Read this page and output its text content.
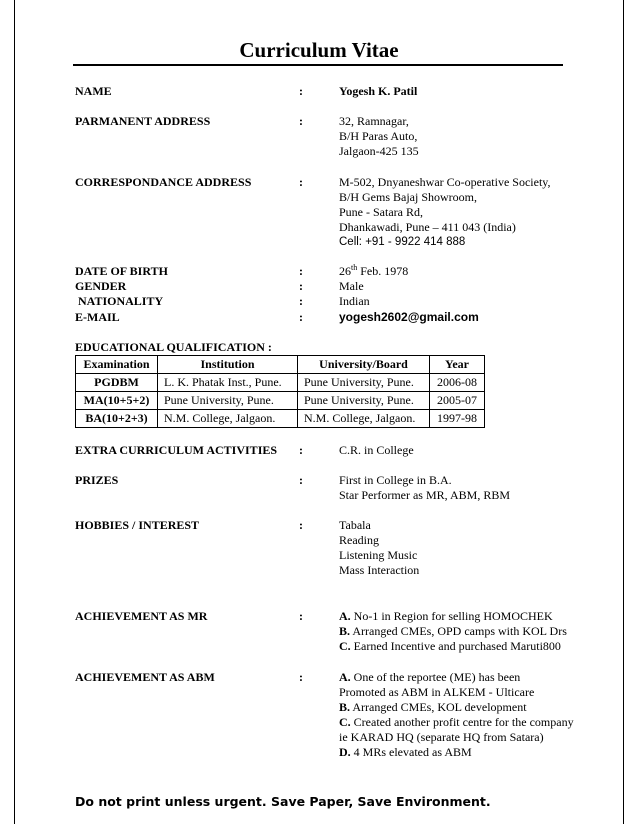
Curriculum Vitae
NAME	:	Yogesh K. Patil
PARMANENT ADDRESS	:	32, Ramnagar,
B/H Paras Auto,
Jalgaon-425 135
CORRESPONDANCE ADDRESS	:	M-502, Dnyaneshwar Co-operative Society,
B/H Gems Bajaj Showroom,
Pune - Satara Rd,
Dhankawadi, Pune – 411 043 (India)
Cell: +91 - 9922 414 888
DATE OF BIRTH	:	26th Feb. 1978
GENDER	:	Male
NATIONALITY	:	Indian
E-MAIL	:	yogesh2602@gmail.com
EDUCATIONAL QUALIFICATION :
Examination	Institution	University/Board	Year
PGDBM	L. K. Phatak Inst., Pune.	Pune University, Pune.	2006-08
MA(10+5+2)	Pune University, Pune.	Pune University, Pune.	2005-07
BA(10+2+3)	N.M. College, Jalgaon.	N.M. College, Jalgaon.	1997-98
EXTRA CURRICULUM ACTIVITIES :	C.R. in College
PRIZES	:	First in College in B.A.
Star Performer as MR, ABM, RBM
HOBBIES / INTEREST	:	Tabala
Reading
Listening Music
Mass Interaction
ACHIEVEMENT AS MR	:	A. No-1 in Region for selling HOMOCHEK
B. Arranged CMEs, OPD camps with KOL Drs
C. Earned Incentive and purchased Maruti800
ACHIEVEMENT AS ABM	:	A. One of the reportee (ME) has been
Promoted as ABM in ALKEM - Ulticare
B. Arranged CMEs, KOL development
C. Created another profit centre for the company
ie KARAD HQ (separate HQ from Satara)
D. 4 MRs elevated as ABM
Do not print unless urgent. Save Paper, Save Environment.
